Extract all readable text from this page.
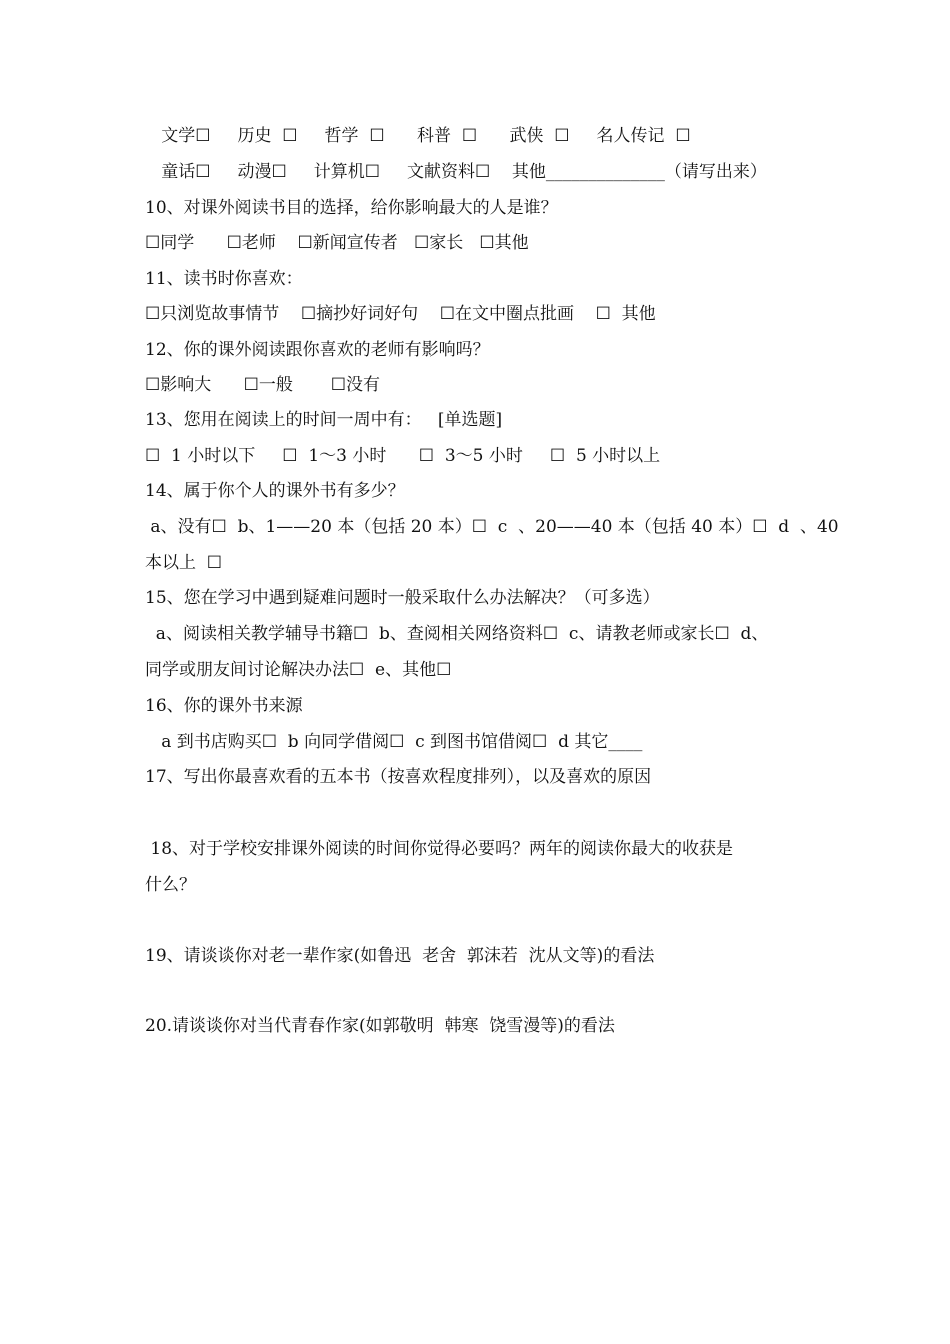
文学☐     历史  ☐     哲学  ☐      科普  ☐      武侠  ☐     名人传记  ☐
童话☐     动漫☐     计算机☐     文献资料☐    其他______________（请写出来）
10、对课外阅读书目的选择，给你影响最大的人是谁？
☐同学      ☐老师    ☐新闻宣传者   ☐家长   ☐其他
11、读书时你喜欢：
☐只浏览故事情节    ☐摘抄好词好句    ☐在文中圈点批画    ☐  其他
12、你的课外阅读跟你喜欢的老师有影响吗？
☐影响大      ☐一般       ☐没有
13、您用在阅读上的时间一周中有：   [单选题]
☐  1 小时以下     ☐  1～3 小时      ☐  3～5 小时     ☐  5 小时以上
14、属于你个人的课外书有多少？
a、没有☐  b、1——20 本（包括 20 本）☐  c  、20——40 本（包括 40 本）☐  d  、40
本以上  ☐
15、您在学习中遇到疑难问题时一般采取什么办法解决？（可多选）
a、阅读相关教学辅导书籍☐  b、查阅相关网络资料☐  c、请教老师或家长☐  d、
同学或朋友间讨论解决办法☐  e、其他☐
16、你的课外书来源
a 到书店购买☐  b 向同学借阅☐  c 到图书馆借阅☐  d 其它____
17、写出你最喜欢看的五本书（按喜欢程度排列），以及喜欢的原因
18、对于学校安排课外阅读的时间你觉得必要吗？两年的阅读你最大的收获是
什么？
19、请谈谈你对老一辈作家(如鲁迅  老舍  郭沫若  沈从文等)的看法
20.请谈谈你对当代青春作家(如郭敬明  韩寒  饶雪漫等)的看法
